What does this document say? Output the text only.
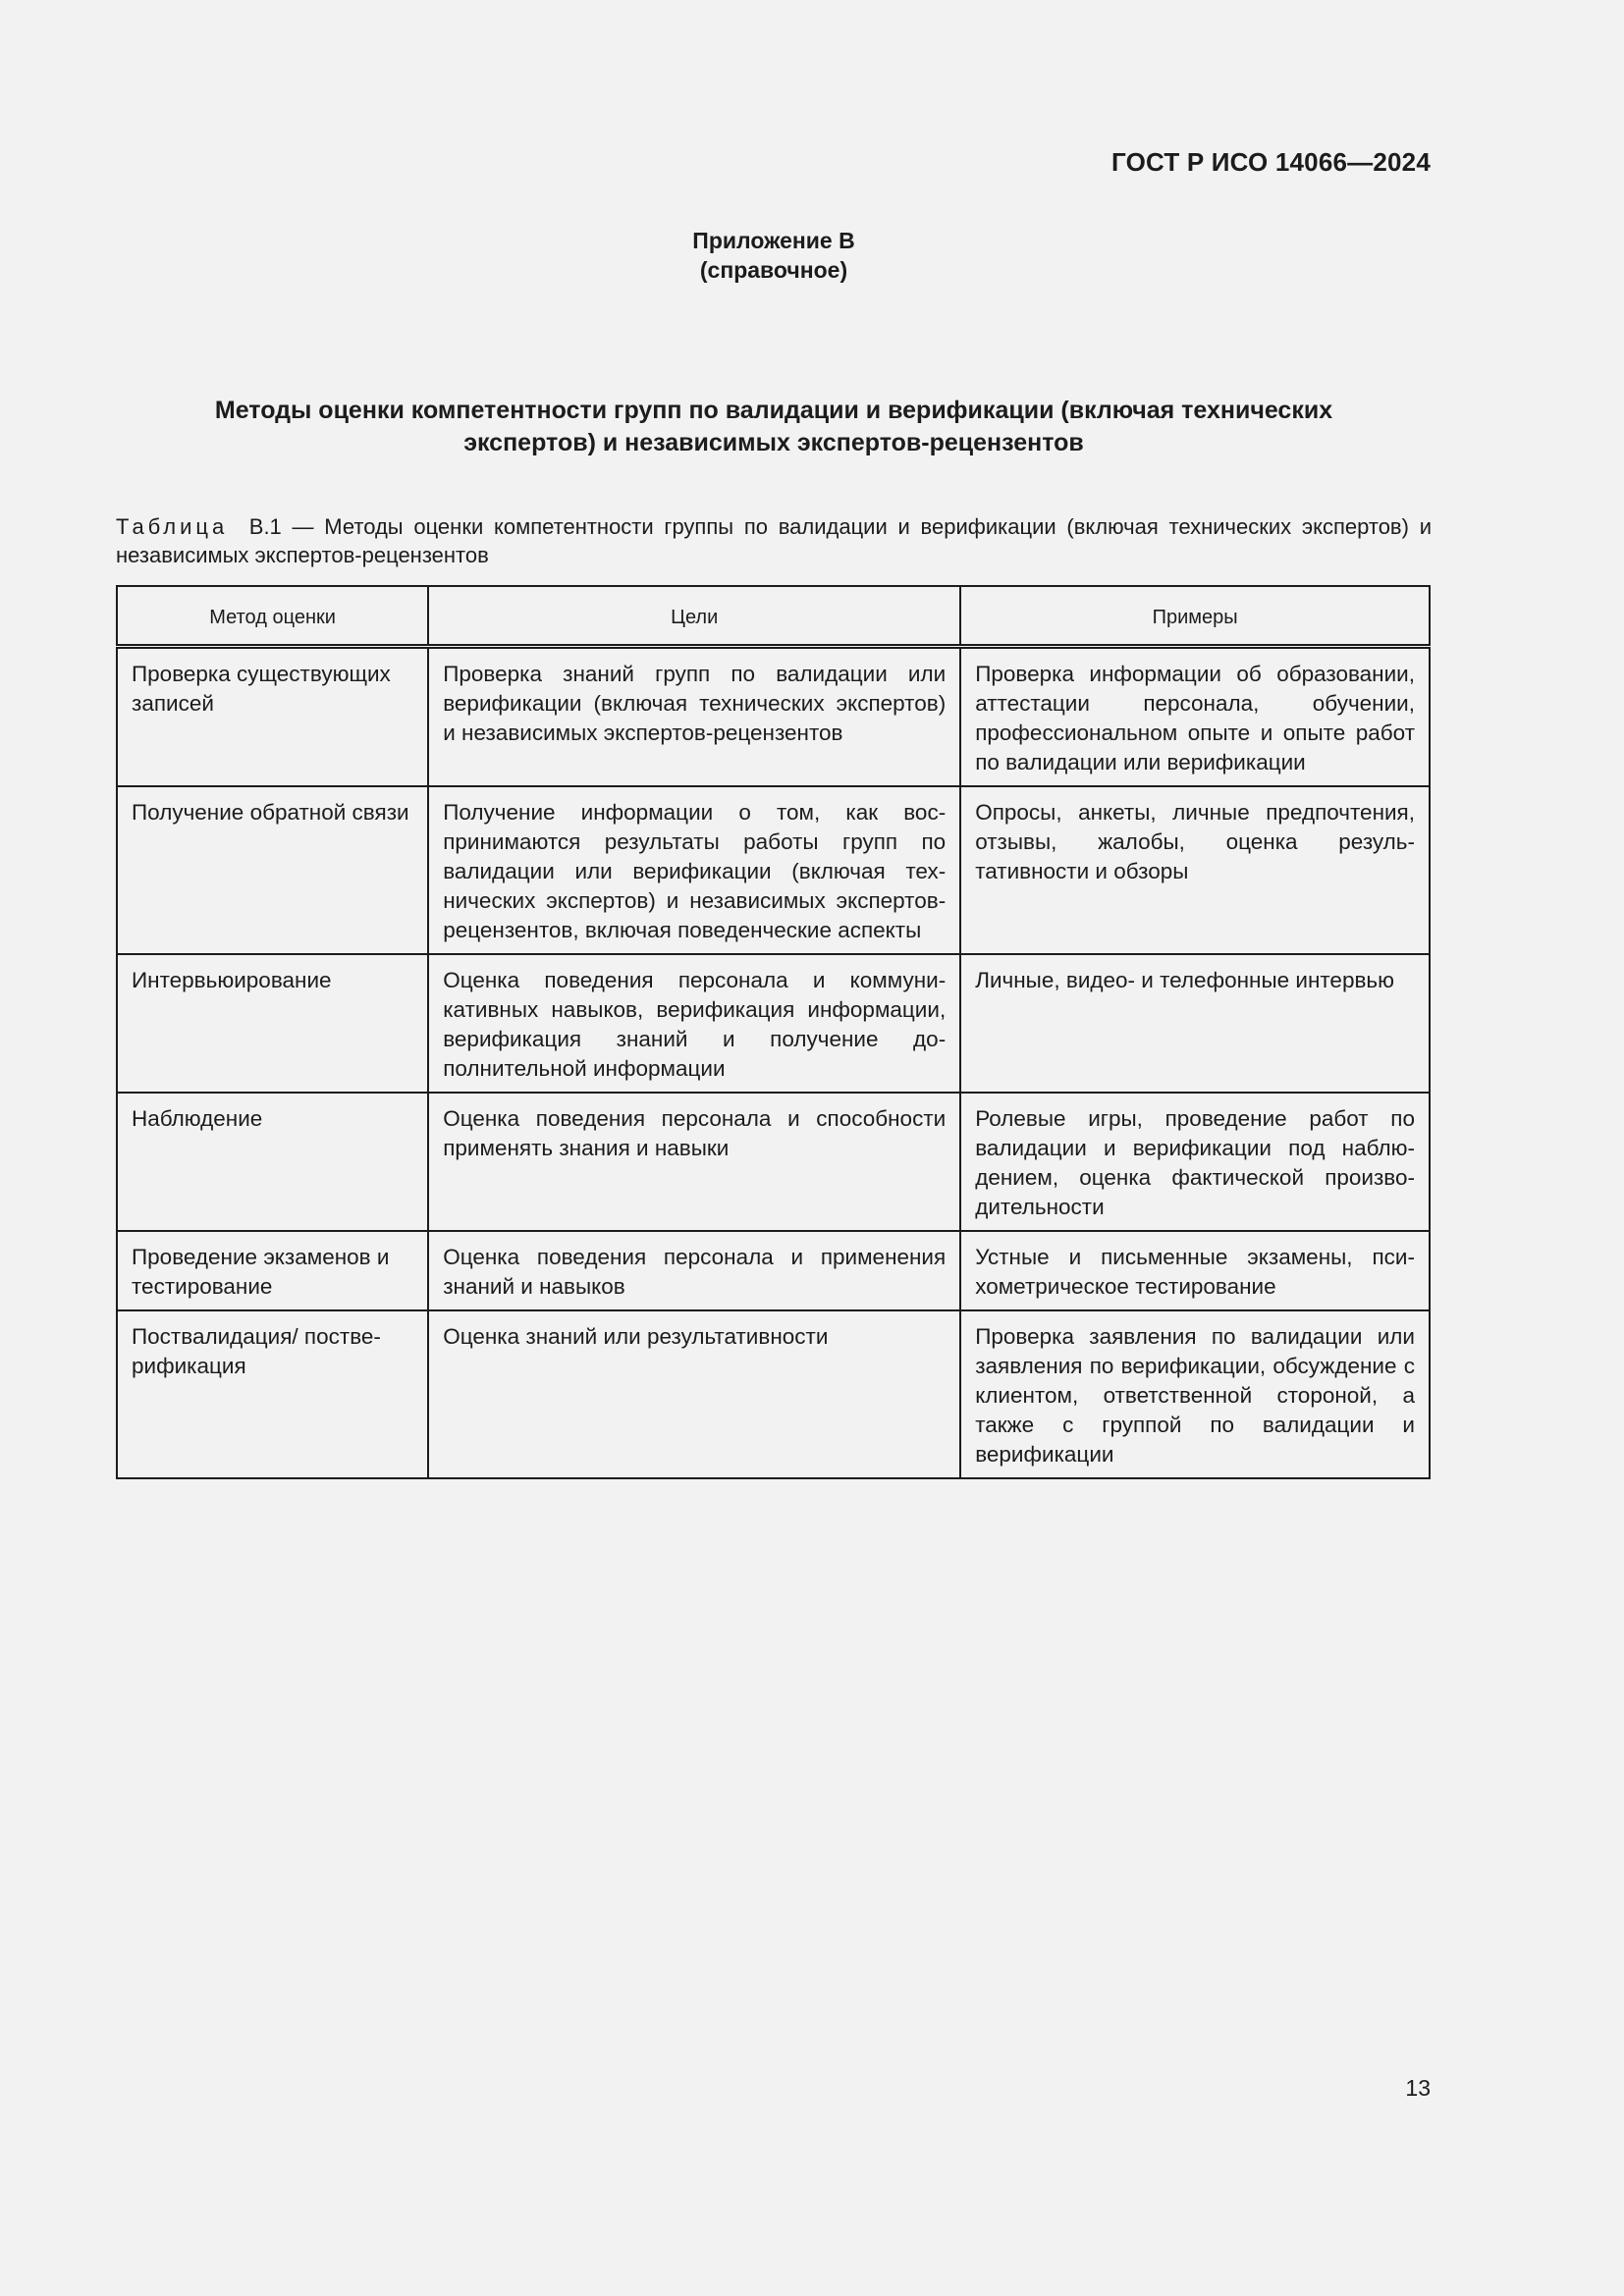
ГОСТ Р ИСО 14066—2024
Приложение В
(справочное)
Методы оценки компетентности групп по валидации и верификации (включая технических
экспертов) и независимых экспертов-рецензентов
Таблица В.1 — Методы оценки компетентности группы по валидации и верификации (включая технических экспертов) и независимых экспертов-рецензентов
Метод оценки	Цели	Примеры
Проверка существующих записей	Проверка знаний групп по валидации или верификации (включая технических экспертов) и независимых экспертов-рецензентов	Проверка информации об образовании, аттестации персонала, обучении, профессиональном опыте и опыте работ по валидации или верификации
Получение обратной связи	Получение информации о том, как воспринимаются результаты работы групп по валидации или верификации (включая технических экспертов) и независимых экспертов-рецензентов, включая поведенческие аспекты	Опросы, анкеты, личные предпочтения, отзывы, жалобы, оценка результативности и обзоры
Интервьюирование	Оценка поведения персонала и коммуникативных навыков, верификация информации, верификация знаний и получение дополнительной информации	Личные, видео- и телефонные интервью
Наблюдение	Оценка поведения персонала и способности применять знания и навыки	Ролевые игры, проведение работ по валидации и верификации под наблюдением, оценка фактической производительности
Проведение экзаменов и тестирование	Оценка поведения персонала и применения знаний и навыков	Устные и письменные экзамены, психометрическое тестирование
Поствалидация/ постверификация	Оценка знаний или результативности	Проверка заявления по валидации или заявления по верификации, обсуждение с клиентом, ответственной стороной, а также с группой по валидации и верификации
13
